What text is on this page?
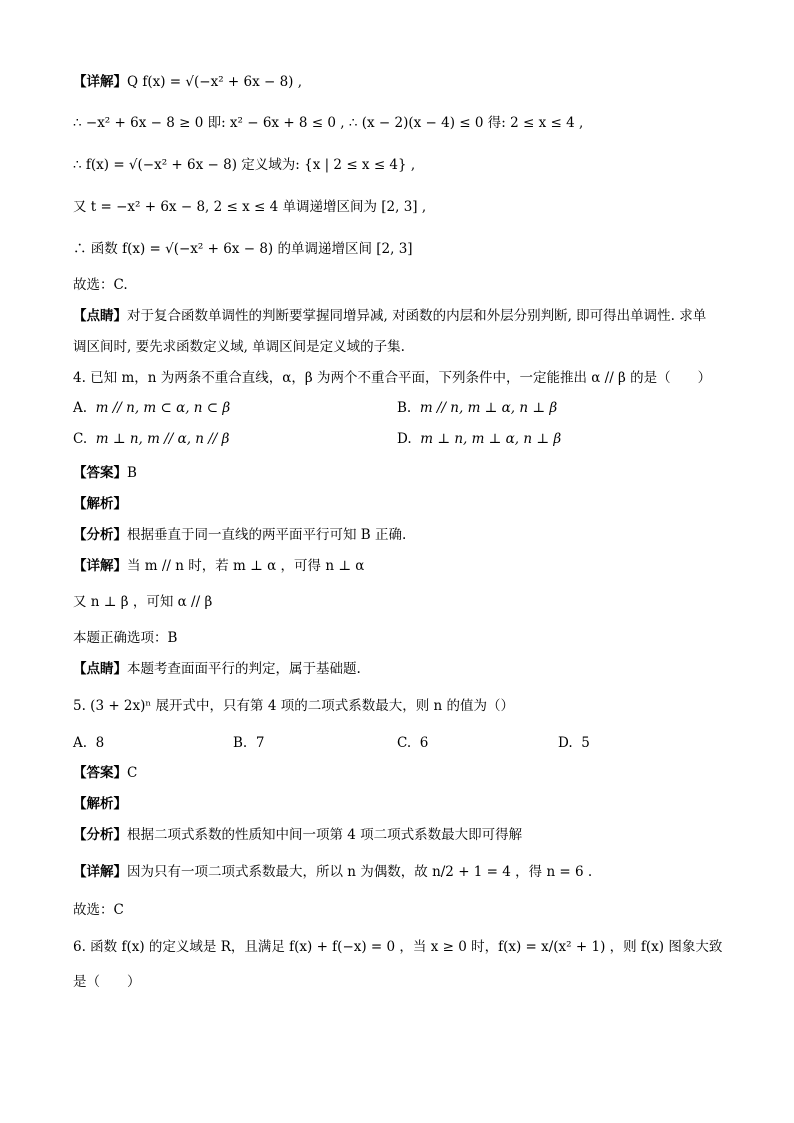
【详解】Q f(x) = √(−x² + 6x − 8) ,
∴ −x² + 6x − 8 ≥ 0 即: x² − 6x + 8 ≤ 0 , ∴ (x − 2)(x − 4) ≤ 0 得: 2 ≤ x ≤ 4 ,
∴ f(x) = √(−x² + 6x − 8) 定义域为: {x | 2 ≤ x ≤ 4} ,
又 t = −x² + 6x − 8, 2 ≤ x ≤ 4 单调递增区间为 [2, 3] ,
∴ 函数 f(x) = √(−x² + 6x − 8) 的单调递增区间 [2, 3]
故选：C.
【点睛】对于复合函数单调性的判断要掌握同增异减, 对函数的内层和外层分别判断, 即可得出单调性. 求单
调区间时, 要先求函数定义域, 单调区间是定义域的子集.
4. 已知 m，n 为两条不重合直线，α，β 为两个不重合平面，下列条件中，一定能推出 α // β 的是（　　）
A. m // n, m ⊂ α, n ⊂ β	B. m // n, m ⊥ α, n ⊥ β
C. m ⊥ n, m // α, n // β	D. m ⊥ n, m ⊥ α, n ⊥ β
【答案】B
【解析】
【分析】根据垂直于同一直线的两平面平行可知 B 正确.
【详解】当 m // n 时，若 m ⊥ α ，可得 n ⊥ α
又 n ⊥ β ，可知 α // β
本题正确选项：B
【点睛】本题考查面面平行的判定，属于基础题.
5. (3 + 2x)ⁿ 展开式中，只有第 4 项的二项式系数最大，则 n 的值为（）
A. 8	B. 7	C. 6	D. 5
【答案】C
【解析】
【分析】根据二项式系数的性质知中间一项第 4 项二项式系数最大即可得解
【详解】因为只有一项二项式系数最大，所以 n 为偶数，故 n/2 + 1 = 4 ，得 n = 6 .
故选：C
6. 函数 f(x) 的定义域是 R，且满足 f(x) + f(−x) = 0 ，当 x ≥ 0 时，f(x) = x/(x² + 1) ，则 f(x) 图象大致
是（　　）
